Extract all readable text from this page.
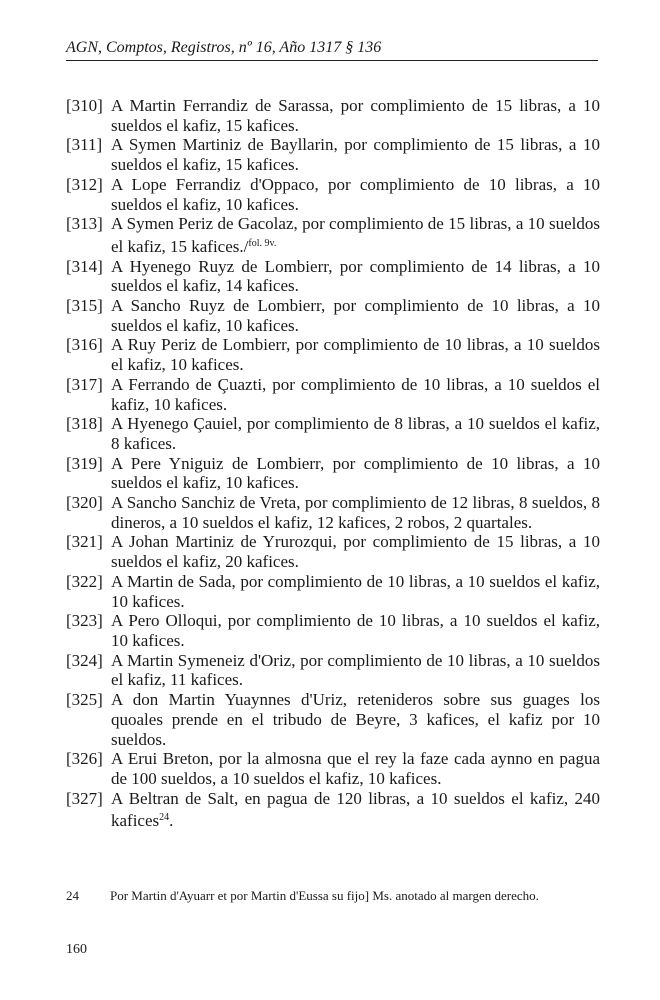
AGN, Comptos, Registros, nº 16, Año 1317 § 136
[310] A Martin Ferrandiz de Sarassa, por complimiento de 15 libras, a 10 sueldos el kafiz, 15 kafices.
[311] A Symen Martiniz de Bayllarin, por complimiento de 15 libras, a 10 sueldos el kafiz, 15 kafices.
[312] A Lope Ferrandiz d'Oppaco, por complimiento de 10 libras, a 10 sueldos el kafiz, 10 kafices.
[313] A Symen Periz de Gacolaz, por complimiento de 15 libras, a 10 sueldos el kafiz, 15 kafices./$^{fol. 9v.}$
[314] A Hyenego Ruyz de Lombierr, por complimiento de 14 libras, a 10 sueldos el kafiz, 14 kafices.
[315] A Sancho Ruyz de Lombierr, por complimiento de 10 libras, a 10 sueldos el kafiz, 10 kafices.
[316] A Ruy Periz de Lombierr, por complimiento de 10 libras, a 10 sueldos el kafiz, 10 kafices.
[317] A Ferrando de Çuazti, por complimiento de 10 libras, a 10 sueldos el kafiz, 10 kafices.
[318] A Hyenego Çauiel, por complimiento de 8 libras, a 10 sueldos el kafiz, 8 kafices.
[319] A Pere Yniguiz de Lombierr, por complimiento de 10 libras, a 10 sueldos el kafiz, 10 kafices.
[320] A Sancho Sanchiz de Vreta, por complimiento de 12 libras, 8 sueldos, 8 dineros, a 10 sueldos el kafiz, 12 kafices, 2 robos, 2 quartales.
[321] A Johan Martiniz de Yrurozqui, por complimiento de 15 libras, a 10 sueldos el kafiz, 20 kafices.
[322] A Martin de Sada, por complimiento de 10 libras, a 10 sueldos el kafiz, 10 kafices.
[323] A Pero Olloqui, por complimiento de 10 libras, a 10 sueldos el kafiz, 10 kafices.
[324] A Martin Symeneiz d'Oriz, por complimiento de 10 libras, a 10 sueldos el kafiz, 11 kafices.
[325] A don Martin Yuaynnes d'Uriz, retenideros sobre sus guages los quoales prende en el tribudo de Beyre, 3 kafices, el kafiz por 10 sueldos.
[326] A Erui Breton, por la almosna que el rey la faze cada aynno en pagua de 100 sueldos, a 10 sueldos el kafiz, 10 kafices.
[327] A Beltran de Salt, en pagua de 120 libras, a 10 sueldos el kafiz, 240 kafices$^{24}$.
24	Por Martin d'Ayuarr et por Martin d'Eussa su fijo] Ms. anotado al margen derecho.
160
